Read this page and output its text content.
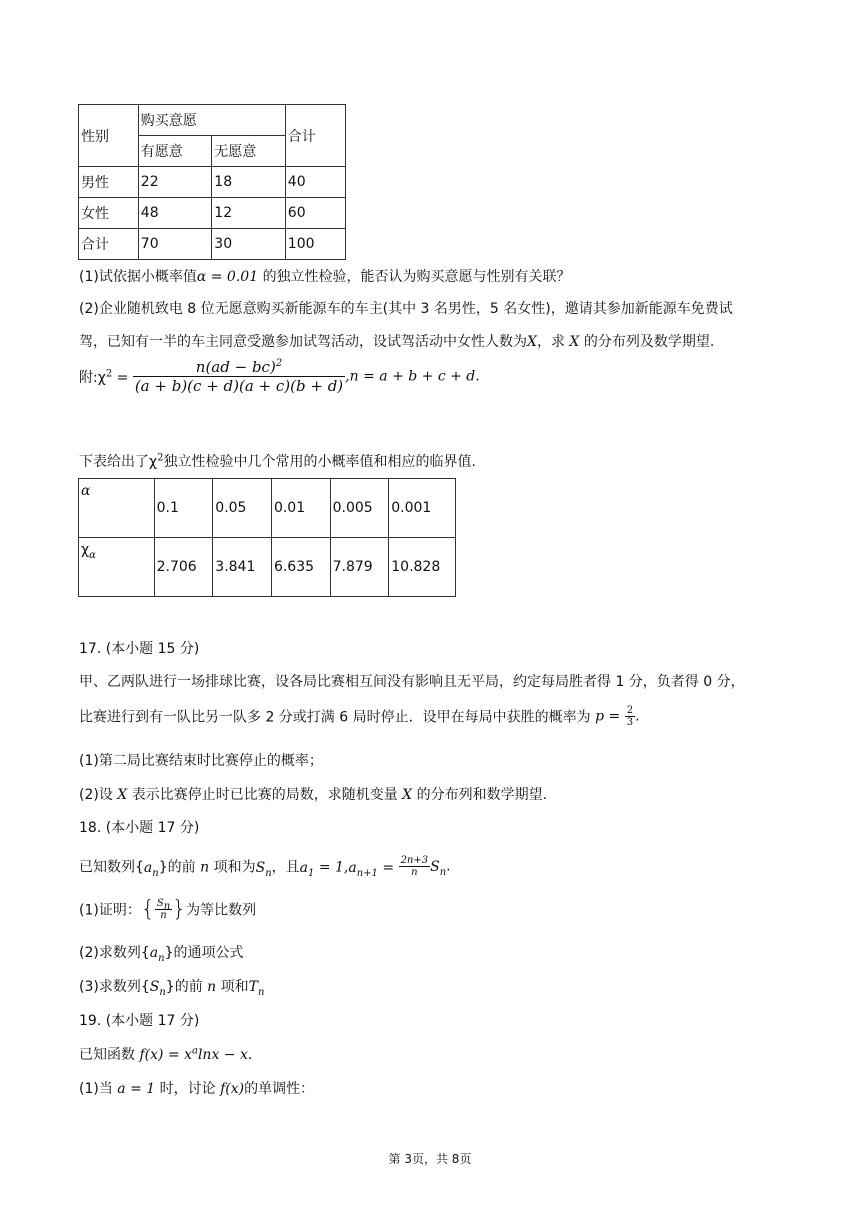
性别	购买意愿		合计
	有愿意	无愿意	
男性	22	18	40
女性	48	12	60
合计	70	30	100
(1)试依据小概率值α = 0.01 的独立性检验，能否认为购买意愿与性别有关联？
(2)企业随机致电 8 位无愿意购买新能源车的车主(其中 3 名男性，5 名女性)，邀请其参加新能源车免费试
驾，已知有一半的车主同意受邀参加试驾活动，设试驾活动中女性人数为X，求 X 的分布列及数学期望.
附$:\chi^2 = \frac{n(ad - bc)^2}{(a + b)(c + d)(a + c)(b + d)} ,n = a + b + c + d$.
下表给出了$\chi^2$独立性检验中几个常用的小概率值和相应的临界值.
α	0.1	0.05	0.01	0.005	0.001
$\chi_\alpha$	2.706	3.841	6.635	7.879	10.828
17. (本小题 15 分)
甲、乙两队进行一场排球比赛，设各局比赛相互间没有影响且无平局，约定每局胜者得 1 分，负者得 0 分，
比赛进行到有一队比另一队多 2 分或打满 6 局时停止．设甲在每局中获胜的概率为 $p = \frac{2}{3}$ .
(1)第二局比赛结束时比赛停止的概率；
(2)设 X 表示比赛停止时已比赛的局数，求随机变量 X 的分布列和数学期望.
18. (本小题 17 分)
已知数列$\{a_n\}$的前 n 项和为$S_n$，且$a_1 = 1,a_{n+1} = \frac{2n+3}{n} S_n$.
(1)证明：{ $\frac{S_n}{n}$ }为等比数列
(2)求数列$\{a_n\}$的通项公式
(3)求数列$\{S_n\}$的前 n 项和$T_n$
19. (本小题 17 分)
已知函数 $f(x) = x^a\ln x - x$.
(1)当 a = 1 时，讨论 f(x)的单调性：
第 3页，共 8页
